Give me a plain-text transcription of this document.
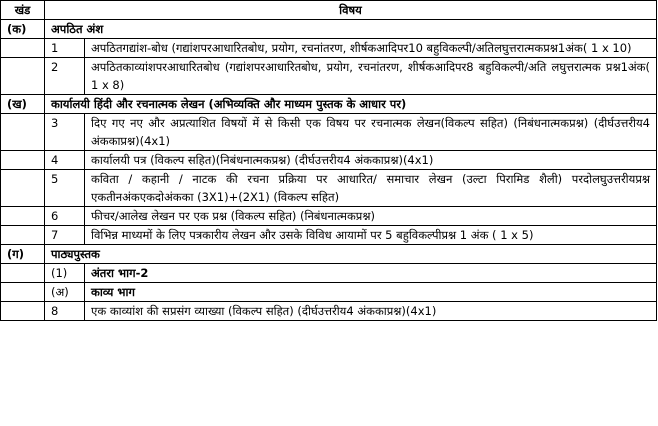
खंड	विषय	
(क)	अपठित अंश	
	1	अपठितगद्यांश-बोध (गद्यांशपरआधारितबोध, प्रयोग, रचनांतरण, शीर्षकआदिपर10 बहुविकल्पी/अतिलघुत्तरात्मकप्रश्न1अंक( 1 x 10)
	2	अपठितकाव्यांशपरआधारितबोध (गद्यांशपरआधारितबोध, प्रयोग, रचनांतरण, शीर्षकआदिपर8 बहुविकल्पी/अति लघुत्तरात्मक प्रश्न1अंक( 1 x 8)
(ख)	कार्यालयी हिंदी और रचनात्मक लेखन (अभिव्यक्ति और माध्यम पुस्तक के आधार पर)	
	3	दिए गए नए और अप्रत्याशित विषयों में से किसी एक विषय पर रचनात्मक लेखन(विकल्प सहित) (निबंधनात्मकप्रश्न) (दीर्घउत्तरीय4 अंककाप्रश्न)(4x1)
	4	कार्यालयी पत्र (विकल्प सहित)(निबंधनात्मकप्रश्न) (दीर्घउत्तरीय4 अंककाप्रश्न)(4x1)
	5	कविता / कहानी / नाटक की रचना प्रक्रिया पर आधारित/ समाचार लेखन (उल्टा पिरामिड शैली) परदोलघुउत्तरीयप्रश्न एकतीनअंकएकदोअंकका (3X1)+(2X1) (विकल्प सहित)
	6	फीचर/आलेख लेखन पर एक प्रश्न (विकल्प सहित) (निबंधनात्मकप्रश्न)
	7	विभिन्न माध्यमों के लिए पत्रकारीय लेखन और उसके विविध आयामों पर 5 बहुविकल्पीप्रश्न 1 अंक ( 1 x 5)
(ग)	पाठ्यपुस्तक	
	(1)	अंतरा भाग-2
	(अ)	काव्य भाग
	8	एक काव्यांश की सप्रसंग व्याख्या (विकल्प सहित) (दीर्घउत्तरीय4 अंककाप्रश्न)(4x1)
